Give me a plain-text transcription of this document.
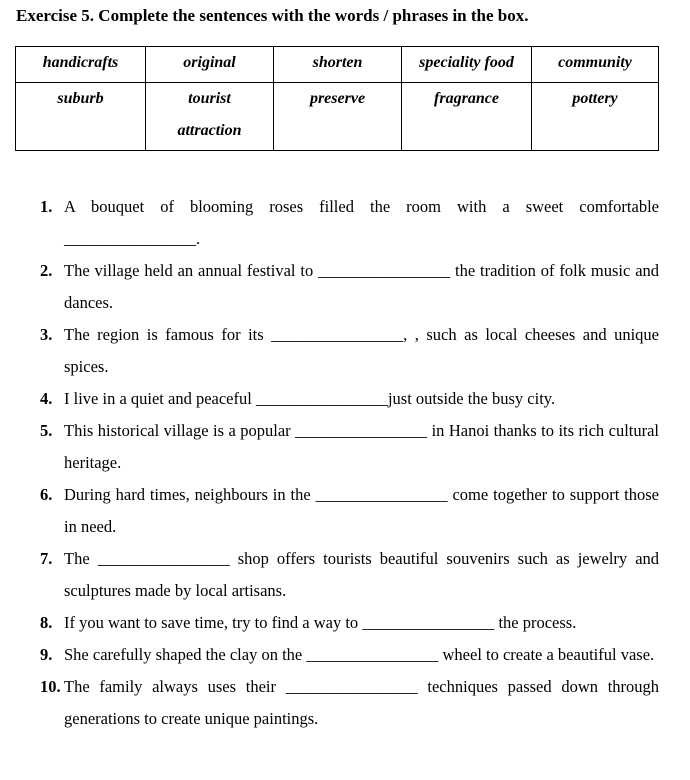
Exercise 5. Complete the sentences with the words / phrases in the box.
handicrafts	original	shorten	speciality food	community
suburb	tourist attraction	preserve	fragrance	pottery
1. A bouquet of blooming roses filled the room with a sweet comfortable
________________.
2. The village held an annual festival to ________________ the tradition of folk music and dances.
3. The region is famous for its ________________, , such as local cheeses and unique spices.
4. I live in a quiet and peaceful ________________just outside the busy city.
5. This historical village is a popular ________________ in Hanoi thanks to its rich cultural heritage.
6. During hard times, neighbours in the ________________ come together to support those in need.
7. The ________________ shop offers tourists beautiful souvenirs such as jewelry and sculptures made by local artisans.
8. If you want to save time, try to find a way to ________________ the process.
9. She carefully shaped the clay on the ________________ wheel to create a beautiful vase.
10. The family always uses their ________________ techniques passed down through generations to create unique paintings.
